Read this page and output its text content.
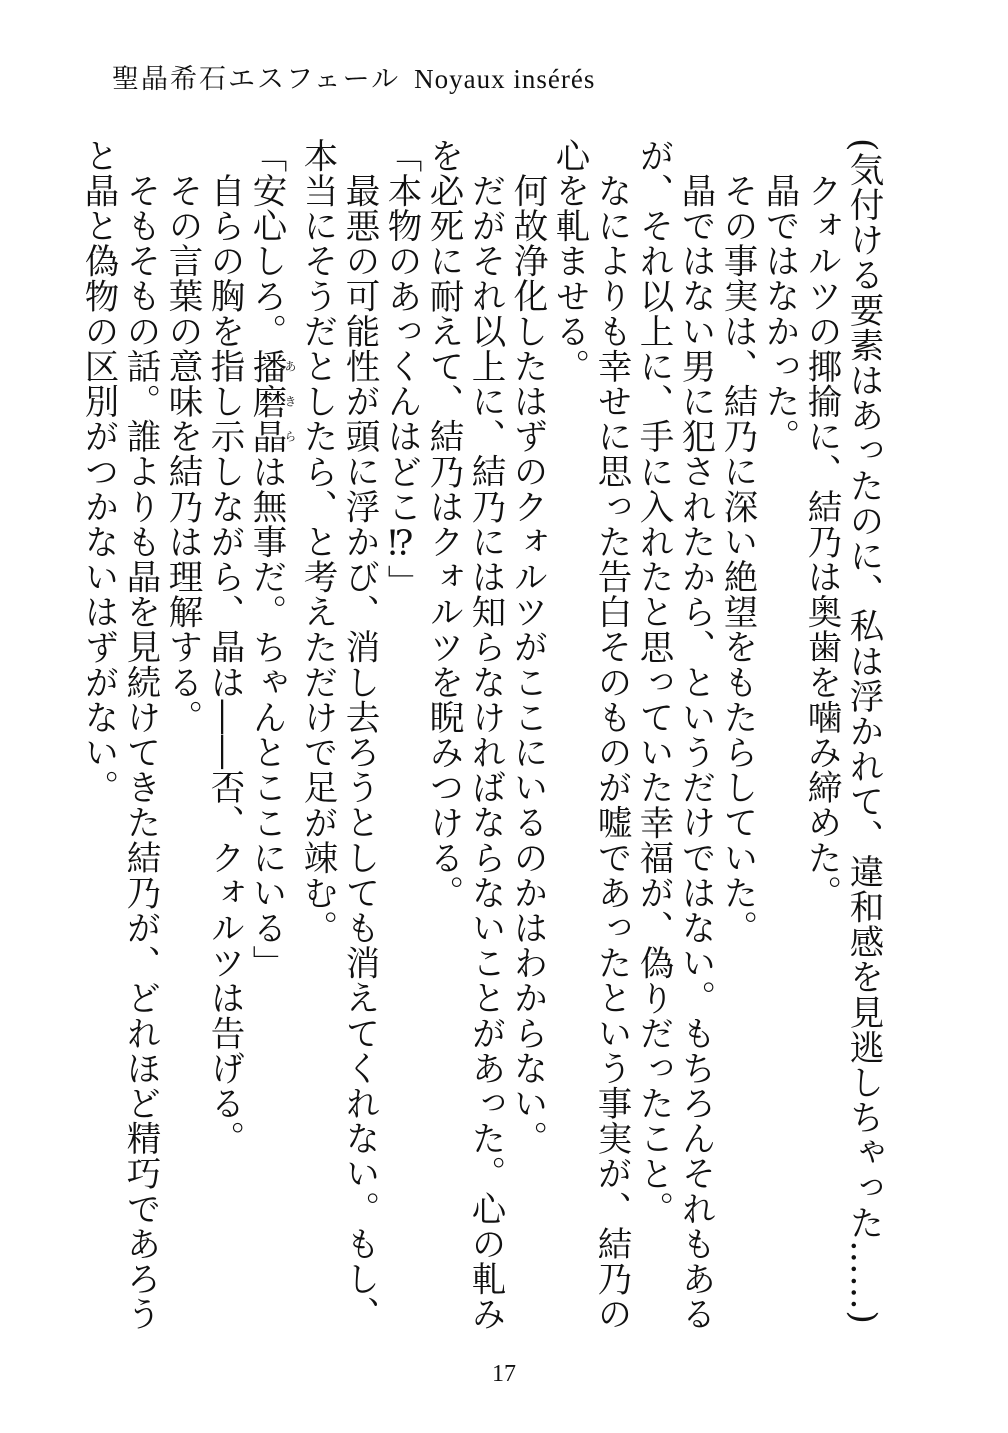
聖晶希石エスフェール Noyaux insérés

(気付ける要素はあったのに、私は浮かれて、違和感を見逃しちゃった……)

クォルツの揶揄に、結乃は奥歯を噛み締めた。

晶ではなかった。

その事実は、結乃に深い絶望をもたらしていた。

晶ではない男に犯されたから、というだけではない。もちろんそれもあるが、それ以上に、手に入れたと思っていた幸福が、偽りだったこと。

なによりも幸せに思った告白そのものが嘘であったという事実が、結乃の心を軋ませる。

何故浄化したはずのクォルツがここにいるのかはわからない。

だがそれ以上に、結乃には知らなければならないことがあった。心の軋みを必死に耐えて、結乃はクォルツを睨みつける。

「本物のあっくんはどこ⁉」

最悪の可能性が頭に浮かび、消し去ろうとしても消えてくれない。もし、本当にそうだとしたら、と考えただけで足が竦む。

「安心しろ。播磨晶あきらは無事だ。ちゃんとここにいる」

自らの胸を指し示しながら、晶は――否、クォルツは告げる。

その言葉の意味を結乃は理解する。

そもそもの話。誰よりも晶を見続けてきた結乃が、どれほど精巧であろうと晶と偽物の区別がつかないはずがない。

17
